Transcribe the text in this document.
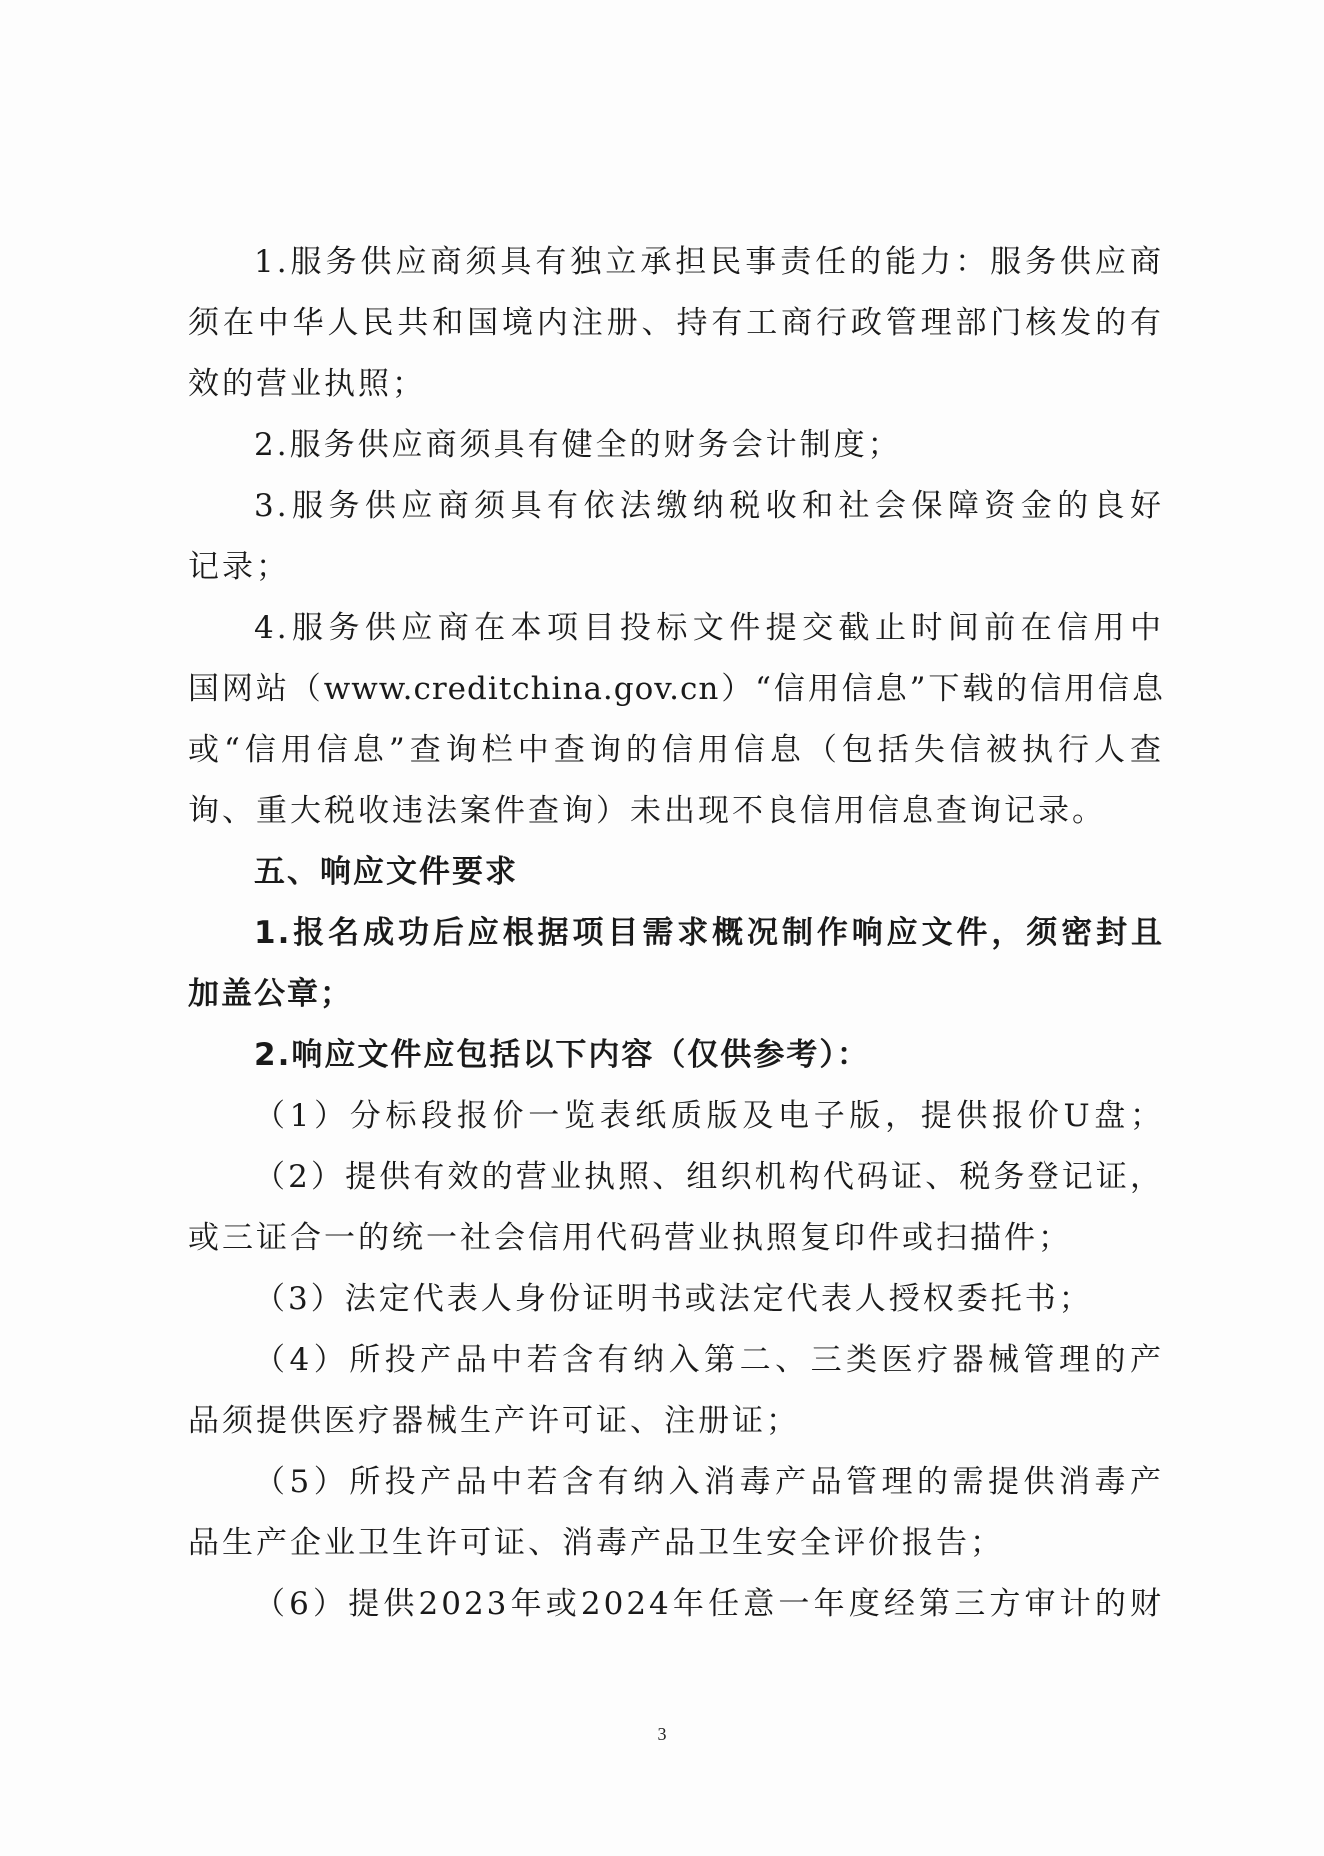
1.服务供应商须具有独立承担民事责任的能力：服务供应商

须在中华人民共和国境内注册、持有工商行政管理部门核发的有

效的营业执照；

2.服务供应商须具有健全的财务会计制度；

3.服务供应商须具有依法缴纳税收和社会保障资金的良好

记录；

4.服务供应商在本项目投标文件提交截止时间前在信用中

国网站（www.creditchina.gov.cn）“信用信息”下载的信用信息

或“信用信息”查询栏中查询的信用信息（包括失信被执行人查

询、重大税收违法案件查询）未出现不良信用信息查询记录。

五、响应文件要求

1.报名成功后应根据项目需求概况制作响应文件，须密封且

加盖公章；

2.响应文件应包括以下内容（仅供参考）：

（1）分标段报价一览表纸质版及电子版，提供报价U盘；

（2）提供有效的营业执照、组织机构代码证、税务登记证，

或三证合一的统一社会信用代码营业执照复印件或扫描件；

（3）法定代表人身份证明书或法定代表人授权委托书；

（4）所投产品中若含有纳入第二、三类医疗器械管理的产

品须提供医疗器械生产许可证、注册证；

（5）所投产品中若含有纳入消毒产品管理的需提供消毒产

品生产企业卫生许可证、消毒产品卫生安全评价报告；

（6）提供2023年或2024年任意一年度经第三方审计的财

3
